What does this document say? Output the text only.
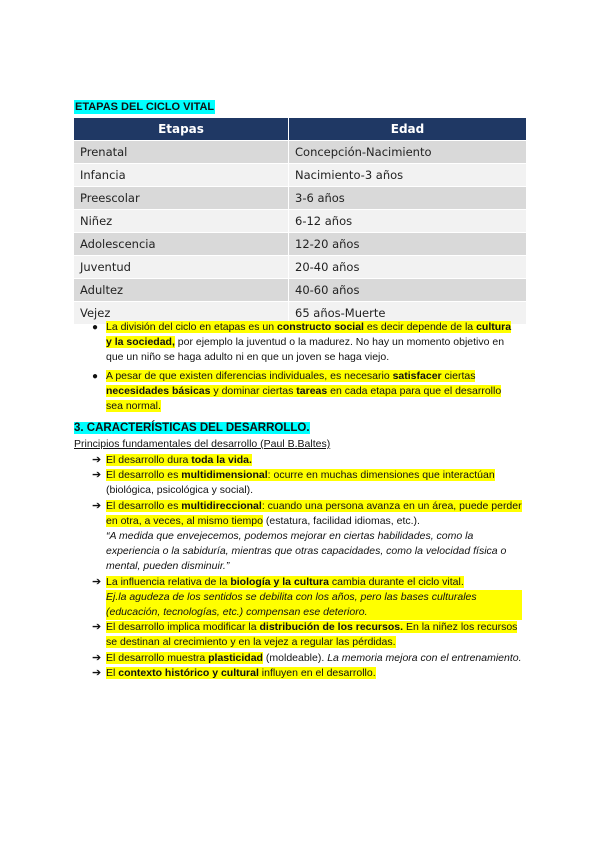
ETAPAS DEL CICLO VITAL
Etapas	Edad
Prenatal	Concepción-Nacimiento
Infancia	Nacimiento-3 años
Preescolar	3-6 años
Niñez	6-12 años
Adolescencia	12-20 años
Juventud	20-40 años
Adultez	40-60 años
Vejez	65 años-Muerte
● La división del ciclo en etapas es un constructo social es decir depende de la cultura y la sociedad, por ejemplo la juventud o la madurez. No hay un momento objetivo en que un niño se haga adulto ni en que un joven se haga viejo.
● A pesar de que existen diferencias individuales, es necesario satisfacer ciertas necesidades básicas y dominar ciertas tareas en cada etapa para que el desarrollo sea normal.
3. CARACTERÍSTICAS DEL DESARROLLO.
Principios fundamentales del desarrollo (Paul B.Baltes)
➔ El desarrollo dura toda la vida.
➔ El desarrollo es multidimensional: ocurre en muchas dimensiones que interactúan (biológica, psicológica y social).
➔ El desarrollo es multidireccional: cuando una persona avanza en un área, puede perder en otra, a veces, al mismo tiempo (estatura, facilidad idiomas, etc.).
“A medida que envejecemos, podemos mejorar en ciertas habilidades, como la experiencia o la sabiduría, mientras que otras capacidades, como la velocidad física o mental, pueden disminuir.”
➔ La influencia relativa de la biología y la cultura cambia durante el ciclo vital.
Ej.la agudeza de los sentidos se debilita con los años, pero las bases culturales (educación, tecnologías, etc.) compensan ese deterioro.
➔ El desarrollo implica modificar la distribución de los recursos. En la niñez los recursos se destinan al crecimiento y en la vejez a regular las pérdidas.
➔ El desarrollo muestra plasticidad (moldeable). La memoria mejora con el entrenamiento.
➔ El contexto histórico y cultural influyen en el desarrollo.
